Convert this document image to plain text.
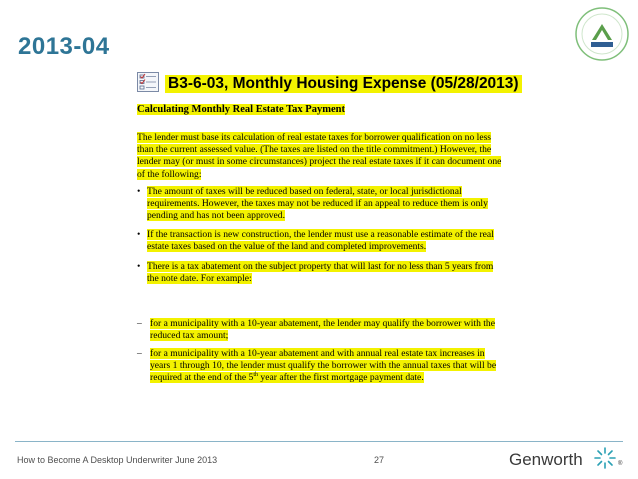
2013-04
B3-6-03, Monthly Housing Expense (05/28/2013)
Calculating Monthly Real Estate Tax Payment
The lender must base its calculation of real estate taxes for borrower qualification on no less than the current assessed value. (The taxes are listed on the title commitment.) However, the lender may (or must in some circumstances) project the real estate taxes if it can document one of the following:
• The amount of taxes will be reduced based on federal, state, or local jurisdictional requirements. However, the taxes may not be reduced if an appeal to reduce them is only pending and has not been approved.
• If the transaction is new construction, the lender must use a reasonable estimate of the real estate taxes based on the value of the land and completed improvements.
• There is a tax abatement on the subject property that will last for no less than 5 years from the note date. For example:
– for a municipality with a 10-year abatement, the lender may qualify the borrower with the reduced tax amount;
– for a municipality with a 10-year abatement and with annual real estate tax increases in years 1 through 10, the lender must qualify the borrower with the annual taxes that will be required at the end of the 5th year after the first mortgage payment date.
How to Become A Desktop Underwriter June 2013	27	Genworth	®
